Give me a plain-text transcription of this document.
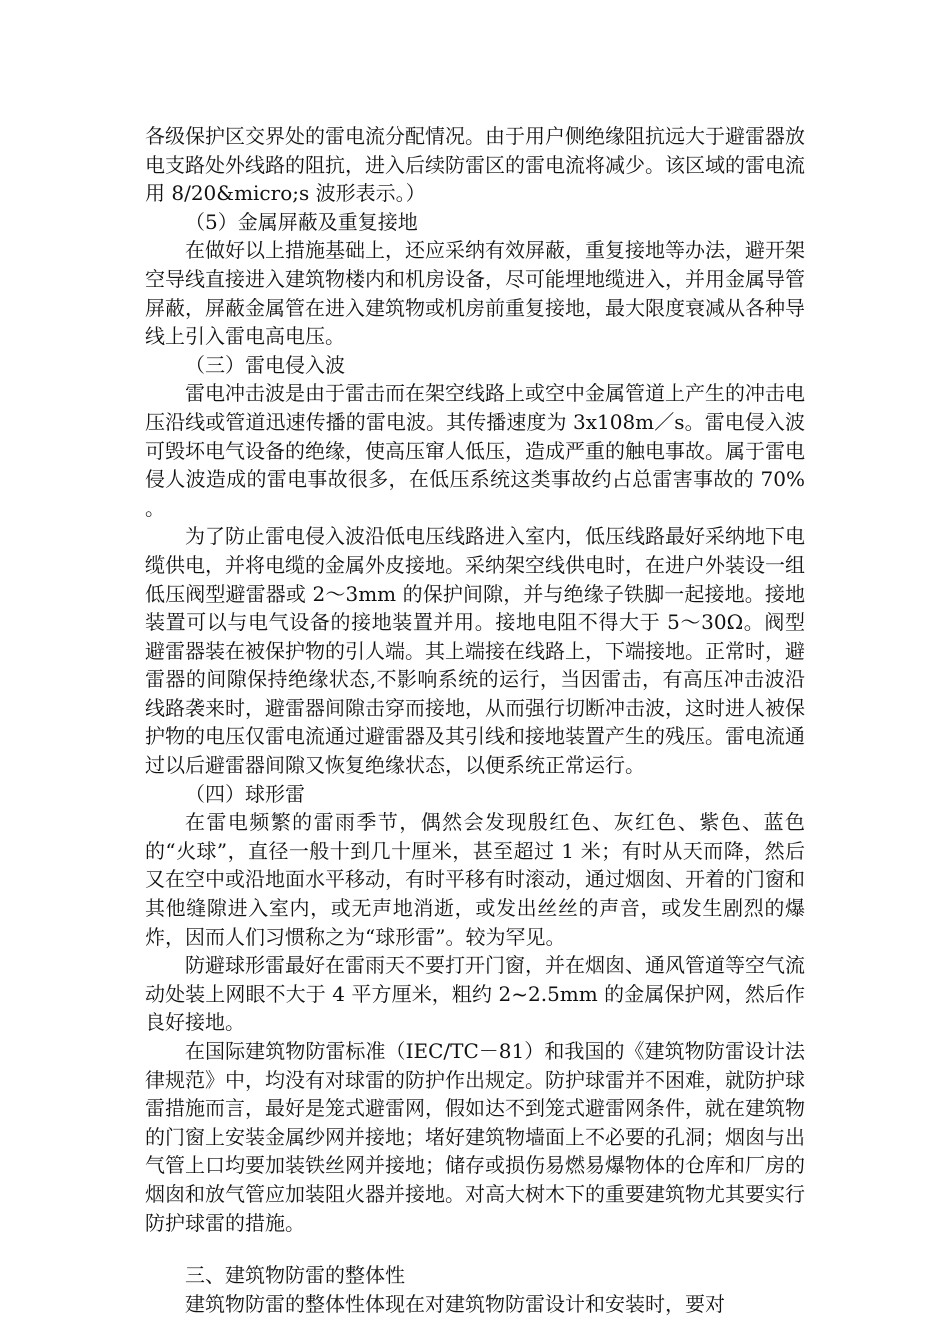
各级保护区交界处的雷电流分配情况。由于用户侧绝缘阻抗远大于避雷器放电支路处外线路的阻抗，进入后续防雷区的雷电流将减少。该区域的雷电流用 8/20&micro;s 波形表示。）

（5）金属屏蔽及重复接地

在做好以上措施基础上，还应采纳有效屏蔽，重复接地等办法，避开架空导线直接进入建筑物楼内和机房设备，尽可能埋地缆进入，并用金属导管屏蔽，屏蔽金属管在进入建筑物或机房前重复接地，最大限度衰减从各种导线上引入雷电高电压。

（三）雷电侵入波

雷电冲击波是由于雷击而在架空线路上或空中金属管道上产生的冲击电压沿线或管道迅速传播的雷电波。其传播速度为 3x108m／s。雷电侵入波可毁坏电气设备的绝缘，使高压窜人低压，造成严重的触电事故。属于雷电侵人波造成的雷电事故很多，在低压系统这类事故约占总雷害事故的 70%　。

为了防止雷电侵入波沿低电压线路进入室内，低压线路最好采纳地下电缆供电，并将电缆的金属外皮接地。采纳架空线供电时，在进户外装设一组低压阀型避雷器或 2～3mm 的保护间隙，并与绝缘子铁脚一起接地。接地装置可以与电气设备的接地装置并用。接地电阻不得大于 5～30Ω。阀型避雷器装在被保护物的引人端。其上端接在线路上，下端接地。正常时，避雷器的间隙保持绝缘状态,不影响系统的运行，当因雷击，有高压冲击波沿线路袭来时，避雷器间隙击穿而接地，从而强行切断冲击波，这时进人被保护物的电压仅雷电流通过避雷器及其引线和接地装置产生的残压。雷电流通过以后避雷器间隙又恢复绝缘状态，以便系统正常运行。

（四）球形雷

在雷电频繁的雷雨季节，偶然会发现殷红色、灰红色、紫色、蓝色的“火球”，直径一般十到几十厘米，甚至超过 1 米；有时从天而降，然后又在空中或沿地面水平移动，有时平移有时滚动，通过烟囱、开着的门窗和其他缝隙进入室内，或无声地消逝，或发出丝丝的声音，或发生剧烈的爆炸，因而人们习惯称之为“球形雷”。较为罕见。

防避球形雷最好在雷雨天不要打开门窗，并在烟囱、通风管道等空气流动处装上网眼不大于 4 平方厘米，粗约 2~2.5mm 的金属保护网，然后作良好接地。

在国际建筑物防雷标准（IEC/TC－81）和我国的《建筑物防雷设计法律规范》中，均没有对球雷的防护作出规定。防护球雷并不困难，就防护球雷措施而言，最好是笼式避雷网，假如达不到笼式避雷网条件，就在建筑物的门窗上安装金属纱网并接地；堵好建筑物墙面上不必要的孔洞；烟囱与出气管上口均要加装铁丝网并接地；储存或损伤易燃易爆物体的仓库和厂房的烟囱和放气管应加装阻火器并接地。对高大树木下的重要建筑物尤其要实行防护球雷的措施。

三、建筑物防雷的整体性

建筑物防雷的整体性体现在对建筑物防雷设计和安装时，要对
